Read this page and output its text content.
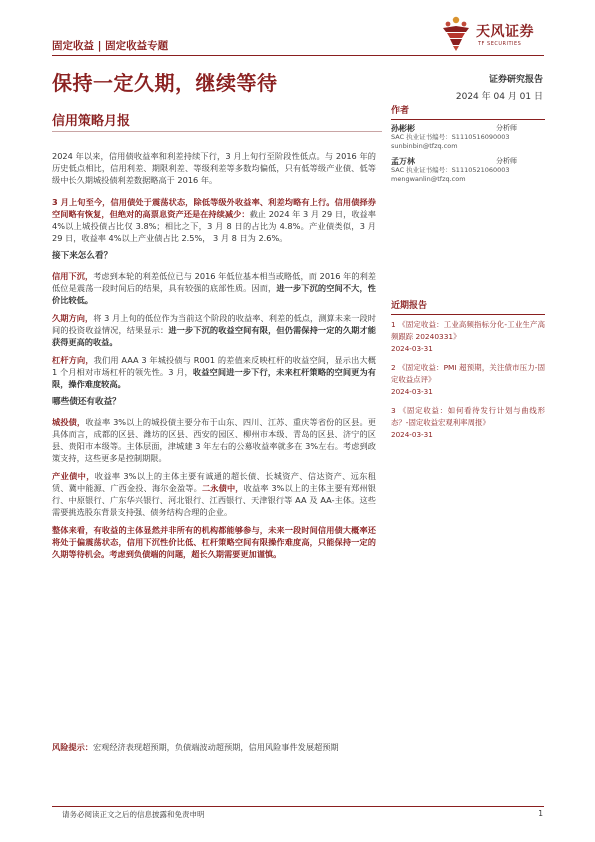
固定收益 | 固定收益专题
天风证券
TF SECURITIES
保持一定久期，继续等待	证券研究报告
2024 年 04 月 01 日
信用策略月报

2024 年以来，信用债收益率和利差持续下行，3 月上旬行至阶段性低点。与 2016 年的历史低点相比，信用利差、期限利差、等级利差等多数均偏低，只有低等级产业债、低等级中长久期城投债利差数据略高于 2016 年。

3 月上旬至今，信用债处于震荡状态，除低等级外收益率、利差均略有上行。信用债择券空间略有恢复，但绝对的高票息资产还是在持续减少：截止 2024 年 3 月 29 日，收益率 4%以上城投债占比仅 3.8%；相比之下，3 月 8 日的占比为 4.8%。产业债类似，3 月 29 日，收益率 4%以上产业债占比 2.5%， 3 月 8 日为 2.6%。

接下来怎么看？

信用下沉，考虑到本轮的利差低位已与 2016 年低位基本相当或略低，而 2016 年的利差低位是震荡一段时间后的结果，具有较强的底部性质。因而，进一步下沉的空间不大，性价比较低。

久期方向，将 3 月上旬的低位作为当前这个阶段的收益率、利差的低点，测算未来一段时间的投资收益情况，结果显示：进一步下沉的收益空间有限，但仍需保持一定的久期才能获得更高的收益。

杠杆方向，我们用 AAA 3 年城投债与 R001 的差值来反映杠杆的收益空间，显示出大概 1 个月相对市场杠杆的领先性。3 月，收益空间进一步下行，未来杠杆策略的空间更为有限，操作难度较高。

哪些债还有收益？

城投债，收益率 3%以上的城投债主要分布于山东、四川、江苏、重庆等省份的区县。更具体而言，成都的区县、潍坊的区县、西安的园区、柳州市本级、青岛的区县、济宁的区县、贵阳市本级等。主体层面，津城建 3 年左右的公募收益率就多在 3%左右。考虑到政策支持，这些更多是控制期限。

产业债中，收益率 3%以上的主体主要有诚通的超长债、长城资产、信达资产、远东租赁、冀中能源、广西金投、海尔金盈等。二永债中，收益率 3%以上的主体主要有郑州银行、中原银行、广东华兴银行、河北银行、江西银行、天津银行等 AA 及 AA-主体。这些需要挑选股东背景支持强、债务结构合理的企业。

整体来看，有收益的主体显然并非所有的机构都能够参与，未来一段时间信用债大概率还将处于偏震荡状态，信用下沉性价比低、杠杆策略空间有限操作难度高，只能保持一定的久期等待机会。考虑到负债端的问题，超长久期需要更加谨慎。

风险提示：宏观经济表现超预期，负债端波动超预期，信用风险事件发展超预期
作者
孙彬彬	分析师
SAC 执业证书编号：S1110516090003
sunbinbin@tfzq.com
孟万林	分析师
SAC 执业证书编号：S1110521060003
mengwanlin@tfzq.com
近期报告
1 《固定收益：工业高频指标分化-工业生产高频跟踪 20240331》
2024-03-31
2 《固定收益：PMI 超预期，关注债市压力-固定收益点评》
2024-03-31
3 《固定收益：如何看待发行计划与曲线形态？-固定收益宏观利率周报》
2024-03-31
请务必阅读正文之后的信息披露和免责申明	1
